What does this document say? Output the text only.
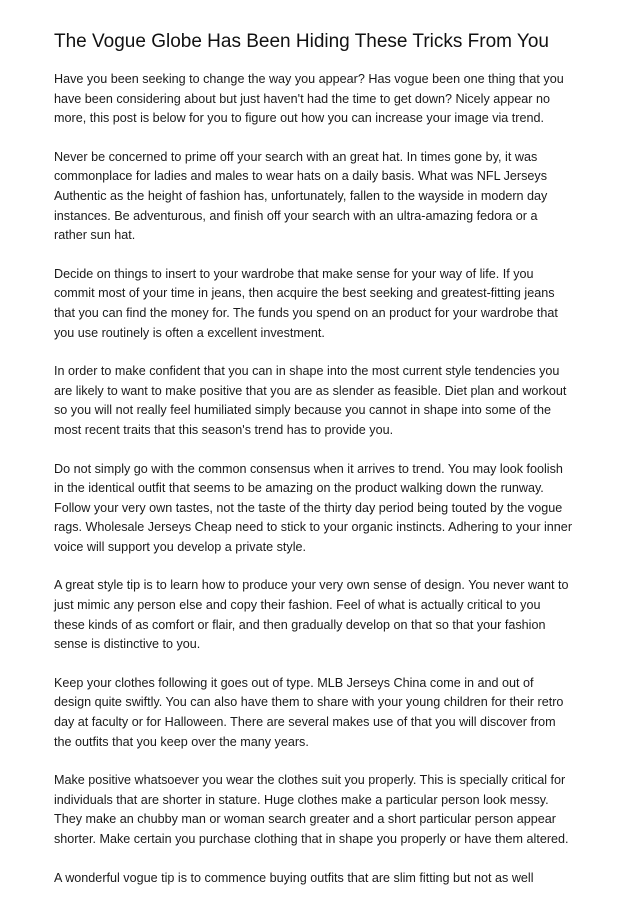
The Vogue Globe Has Been Hiding These Tricks From You

Have you been seeking to change the way you appear? Has vogue been one thing that you
have been considering about but just haven't had the time to get down? Nicely appear no
more, this post is below for you to figure out how you can increase your image via trend.

Never be concerned to prime off your search with an great hat. In times gone by, it was
commonplace for ladies and males to wear hats on a daily basis. What was NFL Jerseys
Authentic as the height of fashion has, unfortunately, fallen to the wayside in modern day
instances. Be adventurous, and finish off your search with an ultra-amazing fedora or a
rather sun hat.

Decide on things to insert to your wardrobe that make sense for your way of life. If you
commit most of your time in jeans, then acquire the best seeking and greatest-fitting jeans
that you can find the money for. The funds you spend on an product for your wardrobe that
you use routinely is often a excellent investment.

In order to make confident that you can in shape into the most current style tendencies you
are likely to want to make positive that you are as slender as feasible. Diet plan and workout
so you will not really feel humiliated simply because you cannot in shape into some of the
most recent traits that this season's trend has to provide you.

Do not simply go with the common consensus when it arrives to trend. You may look foolish
in the identical outfit that seems to be amazing on the product walking down the runway.
Follow your very own tastes, not the taste of the thirty day period being touted by the vogue
rags. Wholesale Jerseys Cheap need to stick to your organic instincts. Adhering to your inner
voice will support you develop a private style.

A great style tip is to learn how to produce your very own sense of design. You never want to
just mimic any person else and copy their fashion. Feel of what is actually critical to you
these kinds of as comfort or flair, and then gradually develop on that so that your fashion
sense is distinctive to you.

Keep your clothes following it goes out of type. MLB Jerseys China come in and out of
design quite swiftly. You can also have them to share with your young children for their retro
day at faculty or for Halloween. There are several makes use of that you will discover from
the outfits that you keep over the many years.

Make positive whatsoever you wear the clothes suit you properly. This is specially critical for
individuals that are shorter in stature. Huge clothes make a particular person look messy.
They make an chubby man or woman search greater and a short particular person appear
shorter. Make certain you purchase clothing that in shape you properly or have them altered.

A wonderful vogue tip is to commence buying outfits that are slim fitting but not as well
